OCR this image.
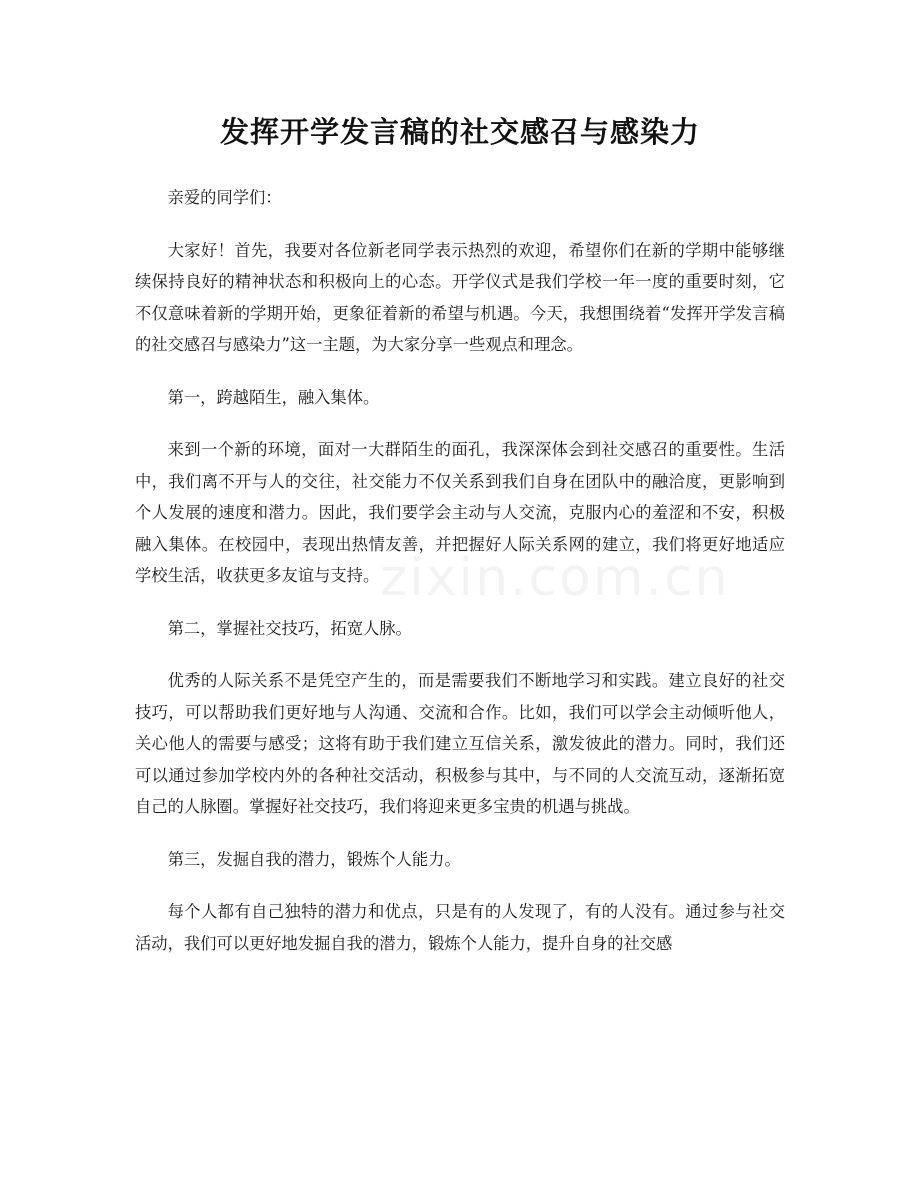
zixin.com.cn
发挥开学发言稿的社交感召与感染力

亲爱的同学们：

大家好！首先，我要对各位新老同学表示热烈的欢迎，希望你们在新的学期中能够继续保持良好的精神状态和积极向上的心态。开学仪式是我们学校一年一度的重要时刻，它不仅意味着新的学期开始，更象征着新的希望与机遇。今天，我想围绕着“发挥开学发言稿的社交感召与感染力”这一主题，为大家分享一些观点和理念。

第一，跨越陌生，融入集体。

来到一个新的环境，面对一大群陌生的面孔，我深深体会到社交感召的重要性。生活中，我们离不开与人的交往，社交能力不仅关系到我们自身在团队中的融洽度，更影响到个人发展的速度和潜力。因此，我们要学会主动与人交流，克服内心的羞涩和不安，积极融入集体。在校园中，表现出热情友善，并把握好人际关系网的建立，我们将更好地适应学校生活，收获更多友谊与支持。

第二，掌握社交技巧，拓宽人脉。

优秀的人际关系不是凭空产生的，而是需要我们不断地学习和实践。建立良好的社交技巧，可以帮助我们更好地与人沟通、交流和合作。比如，我们可以学会主动倾听他人，关心他人的需要与感受；这将有助于我们建立互信关系，激发彼此的潜力。同时，我们还可以通过参加学校内外的各种社交活动，积极参与其中，与不同的人交流互动，逐渐拓宽自己的人脉圈。掌握好社交技巧，我们将迎来更多宝贵的机遇与挑战。

第三，发掘自我的潜力，锻炼个人能力。

每个人都有自己独特的潜力和优点，只是有的人发现了，有的人没有。通过参与社交活动，我们可以更好地发掘自我的潜力，锻炼个人能力，提升自身的社交感
